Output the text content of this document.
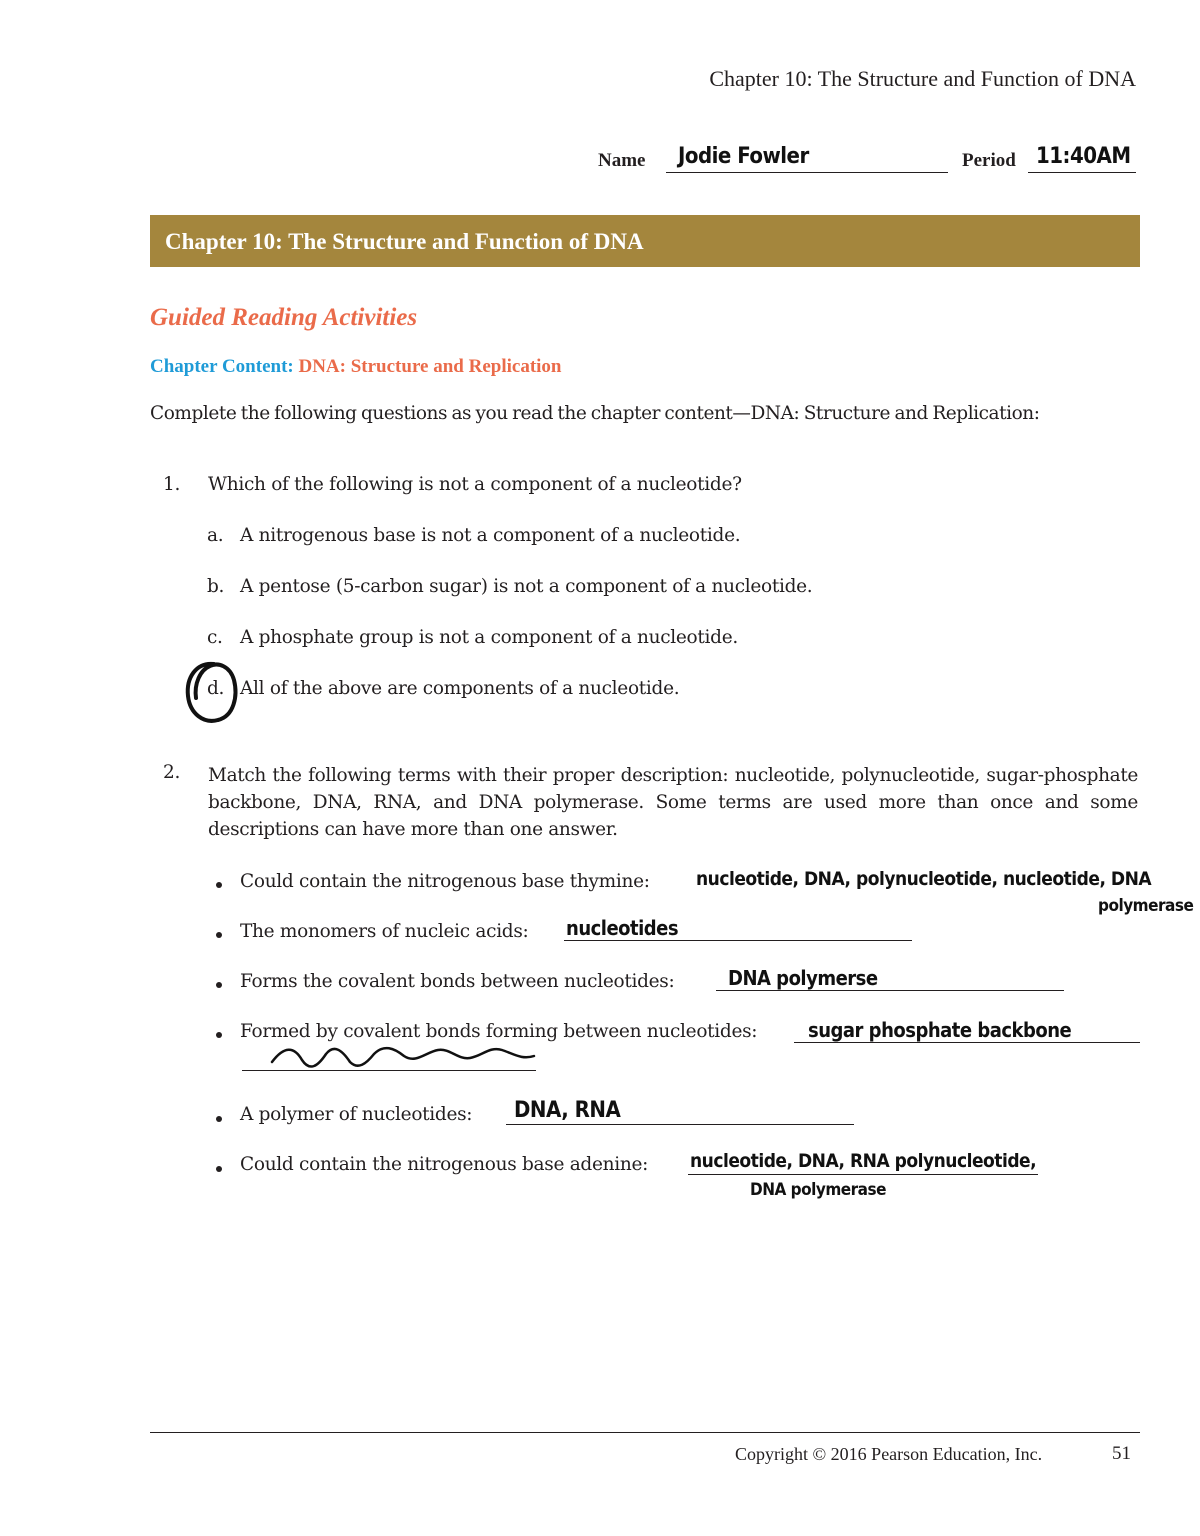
Chapter 10: The Structure and Function of DNA
Name Jodie Fowler	Period 11:40AM
Chapter 10: The Structure and Function of DNA
Guided Reading Activities
Chapter Content: DNA: Structure and Replication
Complete the following questions as you read the chapter content—DNA: Structure and Replication:
1. Which of the following is not a component of a nucleotide?
a. A nitrogenous base is not a component of a nucleotide.
b. A pentose (5-carbon sugar) is not a component of a nucleotide.
c. A phosphate group is not a component of a nucleotide.
d. All of the above are components of a nucleotide.
2. Match the following terms with their proper description: nucleotide, polynucleotide, sugar-phosphate backbone, DNA, RNA, and DNA polymerase. Some terms are used more than once and some descriptions can have more than one answer.
Could contain the nitrogenous base thymine: nucleotide, DNA, polynucleotide, nucleotide, DNA
polymerase
The monomers of nucleic acids: nucleotides
Forms the covalent bonds between nucleotides:	DNA polymerse
Formed by covalent bonds forming between nucleotides:	sugar phosphate backbone
A polymer of nucleotides: DNA, RNA
Could contain the nitrogenous base adenine: nucleotide, DNA, RNA polynucleotide,
DNA polymerase
Copyright © 2016 Pearson Education, Inc.	51
